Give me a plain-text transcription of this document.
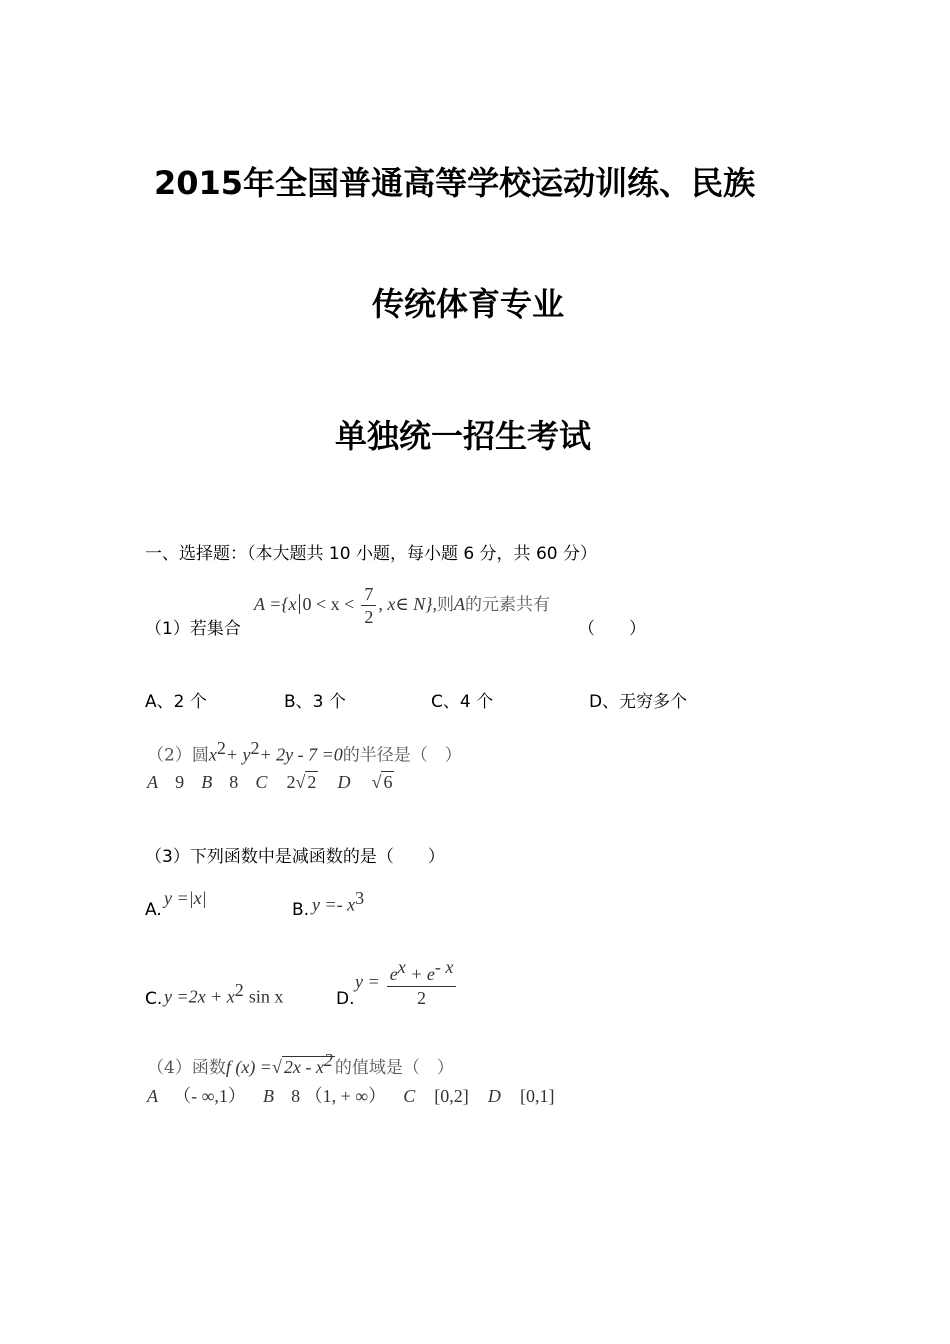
2015年全国普通高等学校运动训练、民族
传统体育专业
单独统一招生考试
一、选择题：（本大题共 10 小题，每小题 6 分，共 60 分）
（1）若集合
A ={x $0 < x < \frac{7}{2}$ , x∈ N},则A的元素共有
（　　）
A、2 个	B、3 个	C、4 个	D、无穷多个
（2）圆$x^2+ y^2+ 2y - 7 =0$的半径是（　）
A 9 B 8 C 2√ 2 D √ 6
（3）下列函数中是减函数的是（　　）
A.
y =|x|
B. $y =- x^3$
C. $y =2x + x^2$ sin x	D.
$y = \frac{e^x + e^{- x}}{2}$
（4）函数f (x) =√ $2x - x^2$ 的值域是（　）
A （- ∞,1） B 8 （1, + ∞） C [0,2] D [0,1]
